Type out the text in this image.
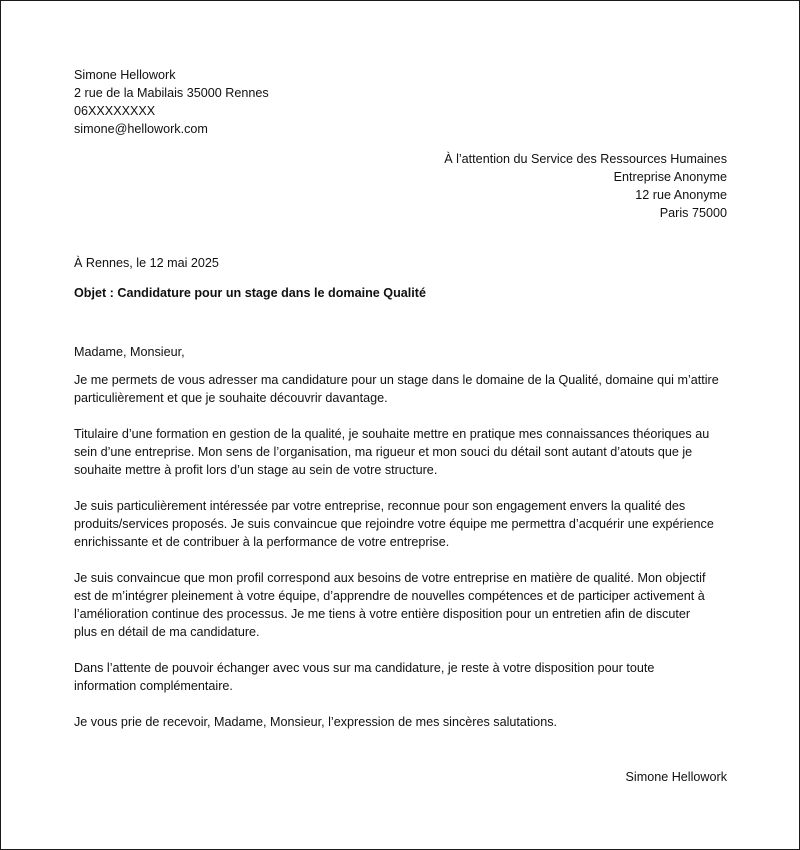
Simone Hellowork
2 rue de la Mabilais 35000 Rennes
06XXXXXXXX
simone@hellowork.com
À l’attention du Service des Ressources Humaines
Entreprise Anonyme
12 rue Anonyme
Paris 75000
À Rennes, le 12 mai 2025
Objet : Candidature pour un stage dans le domaine Qualité
Madame, Monsieur,

Je me permets de vous adresser ma candidature pour un stage dans le domaine de la Qualité, domaine qui m’attire
particulièrement et que je souhaite découvrir davantage.

Titulaire d’une formation en gestion de la qualité, je souhaite mettre en pratique mes connaissances théoriques au
sein d’une entreprise. Mon sens de l’organisation, ma rigueur et mon souci du détail sont autant d’atouts que je
souhaite mettre à profit lors d’un stage au sein de votre structure.

Je suis particulièrement intéressée par votre entreprise, reconnue pour son engagement envers la qualité des
produits/services proposés. Je suis convaincue que rejoindre votre équipe me permettra d’acquérir une expérience
enrichissante et de contribuer à la performance de votre entreprise.

Je suis convaincue que mon profil correspond aux besoins de votre entreprise en matière de qualité. Mon objectif
est de m’intégrer pleinement à votre équipe, d’apprendre de nouvelles compétences et de participer activement à
l’amélioration continue des processus. Je me tiens à votre entière disposition pour un entretien afin de discuter
plus en détail de ma candidature.

Dans l’attente de pouvoir échanger avec vous sur ma candidature, je reste à votre disposition pour toute
information complémentaire.

Je vous prie de recevoir, Madame, Monsieur, l’expression de mes sincères salutations.

Simone Hellowork
